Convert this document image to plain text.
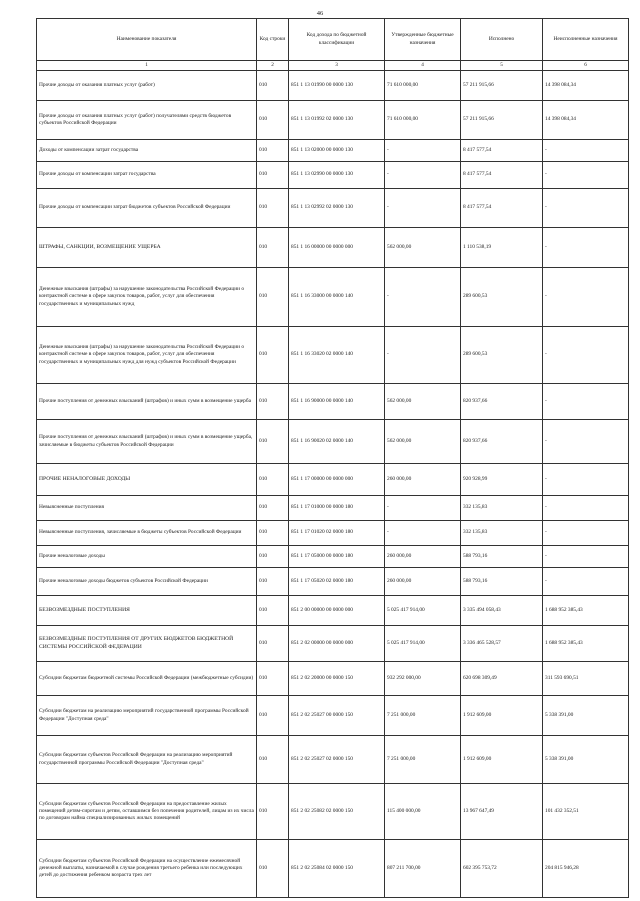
46
Наименование показателя	Код строки	Код дохода по бюджетной классификации	Утвержденные бюджетные назначения	Исполнено	Неисполненные назначения
1	2	3	4	5	6
Прочие доходы от оказания платных услуг (работ)	010	851 1 13 01990 00 0000 130	71 610 000,00	57 211 915,66	14 398 084,34
Прочие доходы от оказания платных услуг (работ) получателями средств бюджетов субъектов Российской Федерации	010	851 1 13 01992 02 0000 130	71 610 000,00	57 211 915,66	14 398 084,34
Доходы от компенсации затрат государства	010	851 1 13 02000 00 0000 130	-	8 417 577,54	-
Прочие доходы от компенсации затрат государства	010	851 1 13 02990 00 0000 130	-	8 417 577,54	-
Прочие доходы от компенсации затрат бюджетов субъектов Российской Федерации	010	851 1 13 02992 02 0000 130	-	8 417 577,54	-
ШТРАФЫ, САНКЦИИ, ВОЗМЕЩЕНИЕ УЩЕРБА	010	851 1 16 00000 00 0000 000	562 000,00	1 110 538,19	-
Денежные взыскания (штрафы) за нарушение законодательства Российской Федерации о контрактной системе в сфере закупок товаров, работ, услуг для обеспечения государственных и муниципальных нужд	010	851 1 16 33000 00 0000 140	-	289 600,53	-
Денежные взыскания (штрафы) за нарушение законодательства Российской Федерации о контрактной системе в сфере закупок товаров, работ, услуг для обеспечения государственных и муниципальных нужд для нужд субъектов Российской Федерации	010	851 1 16 33020 02 0000 140	-	289 600,53	-
Прочие поступления от денежных взысканий (штрафов) и иных сумм в возмещение ущерба	010	851 1 16 90000 00 0000 140	562 000,00	820 937,66	-
Прочие поступления от денежных взысканий (штрафов) и иных сумм в возмещение ущерба, зачисляемые в бюджеты субъектов Российской Федерации	010	851 1 16 90020 02 0000 140	562 000,00	820 937,66	-
ПРОЧИЕ НЕНАЛОГОВЫЕ ДОХОДЫ	010	851 1 17 00000 00 0000 000	260 000,00	920 928,99	-
Невыясненные поступления	010	851 1 17 01000 00 0000 180	-	332 135,83	-
Невыясненные поступления, зачисляемые в бюджеты субъектов Российской Федерации	010	851 1 17 01020 02 0000 180	-	332 135,83	-
Прочие неналоговые доходы	010	851 1 17 05000 00 0000 180	260 000,00	588 793,16	-
Прочие неналоговые доходы бюджетов субъектов Российской Федерации	010	851 1 17 05020 02 0000 180	260 000,00	588 793,16	-
БЕЗВОЗМЕЗДНЫЕ ПОСТУПЛЕНИЯ	010	851 2 00 00000 00 0000 000	5 025 417 914,00	3 335 494 058,43	1 688 952 385,43
БЕЗВОЗМЕЗДНЫЕ ПОСТУПЛЕНИЯ ОТ ДРУГИХ БЮДЖЕТОВ БЮДЖЕТНОЙ СИСТЕМЫ РОССИЙСКОЙ ФЕДЕРАЦИИ	010	851 2 02 00000 00 0000 000	5 025 417 914,00	3 336 465 528,57	1 688 952 385,43
Субсидии бюджетам бюджетной системы Российской Федерации (межбюджетные субсидии)	010	851 2 02 20000 00 0000 150	932 292 000,00	620 698 309,49	311 593 690,51
Субсидии бюджетам на реализацию мероприятий государственной программы Российской Федерации "Доступная среда"	010	851 2 02 25027 00 0000 150	7 251 000,00	1 912 609,00	5 338 391,00
Субсидии бюджетам субъектов Российской Федерации на реализацию мероприятий государственной программы Российской Федерации "Доступная среда"	010	851 2 02 25027 02 0000 150	7 251 000,00	1 912 609,00	5 338 391,00
Субсидии бюджетам субъектов Российской Федерации на предоставление жилых помещений детям-сиротам и детям, оставшимся без попечения родителей, лицам из их числа по договорам найма специализированных жилых помещений	010	851 2 02 25082 02 0000 150	115 400 000,00	13 967 647,49	101 432 352,51
Субсидии бюджетам субъектов Российской Федерации на осуществление ежемесячной денежной выплаты, назначаемой в случае рождения третьего ребенка или последующих детей до достижения ребенком возраста трех лет	010	851 2 02 25084 02 0000 150	807 211 700,00	602 395 753,72	204 815 946,28
